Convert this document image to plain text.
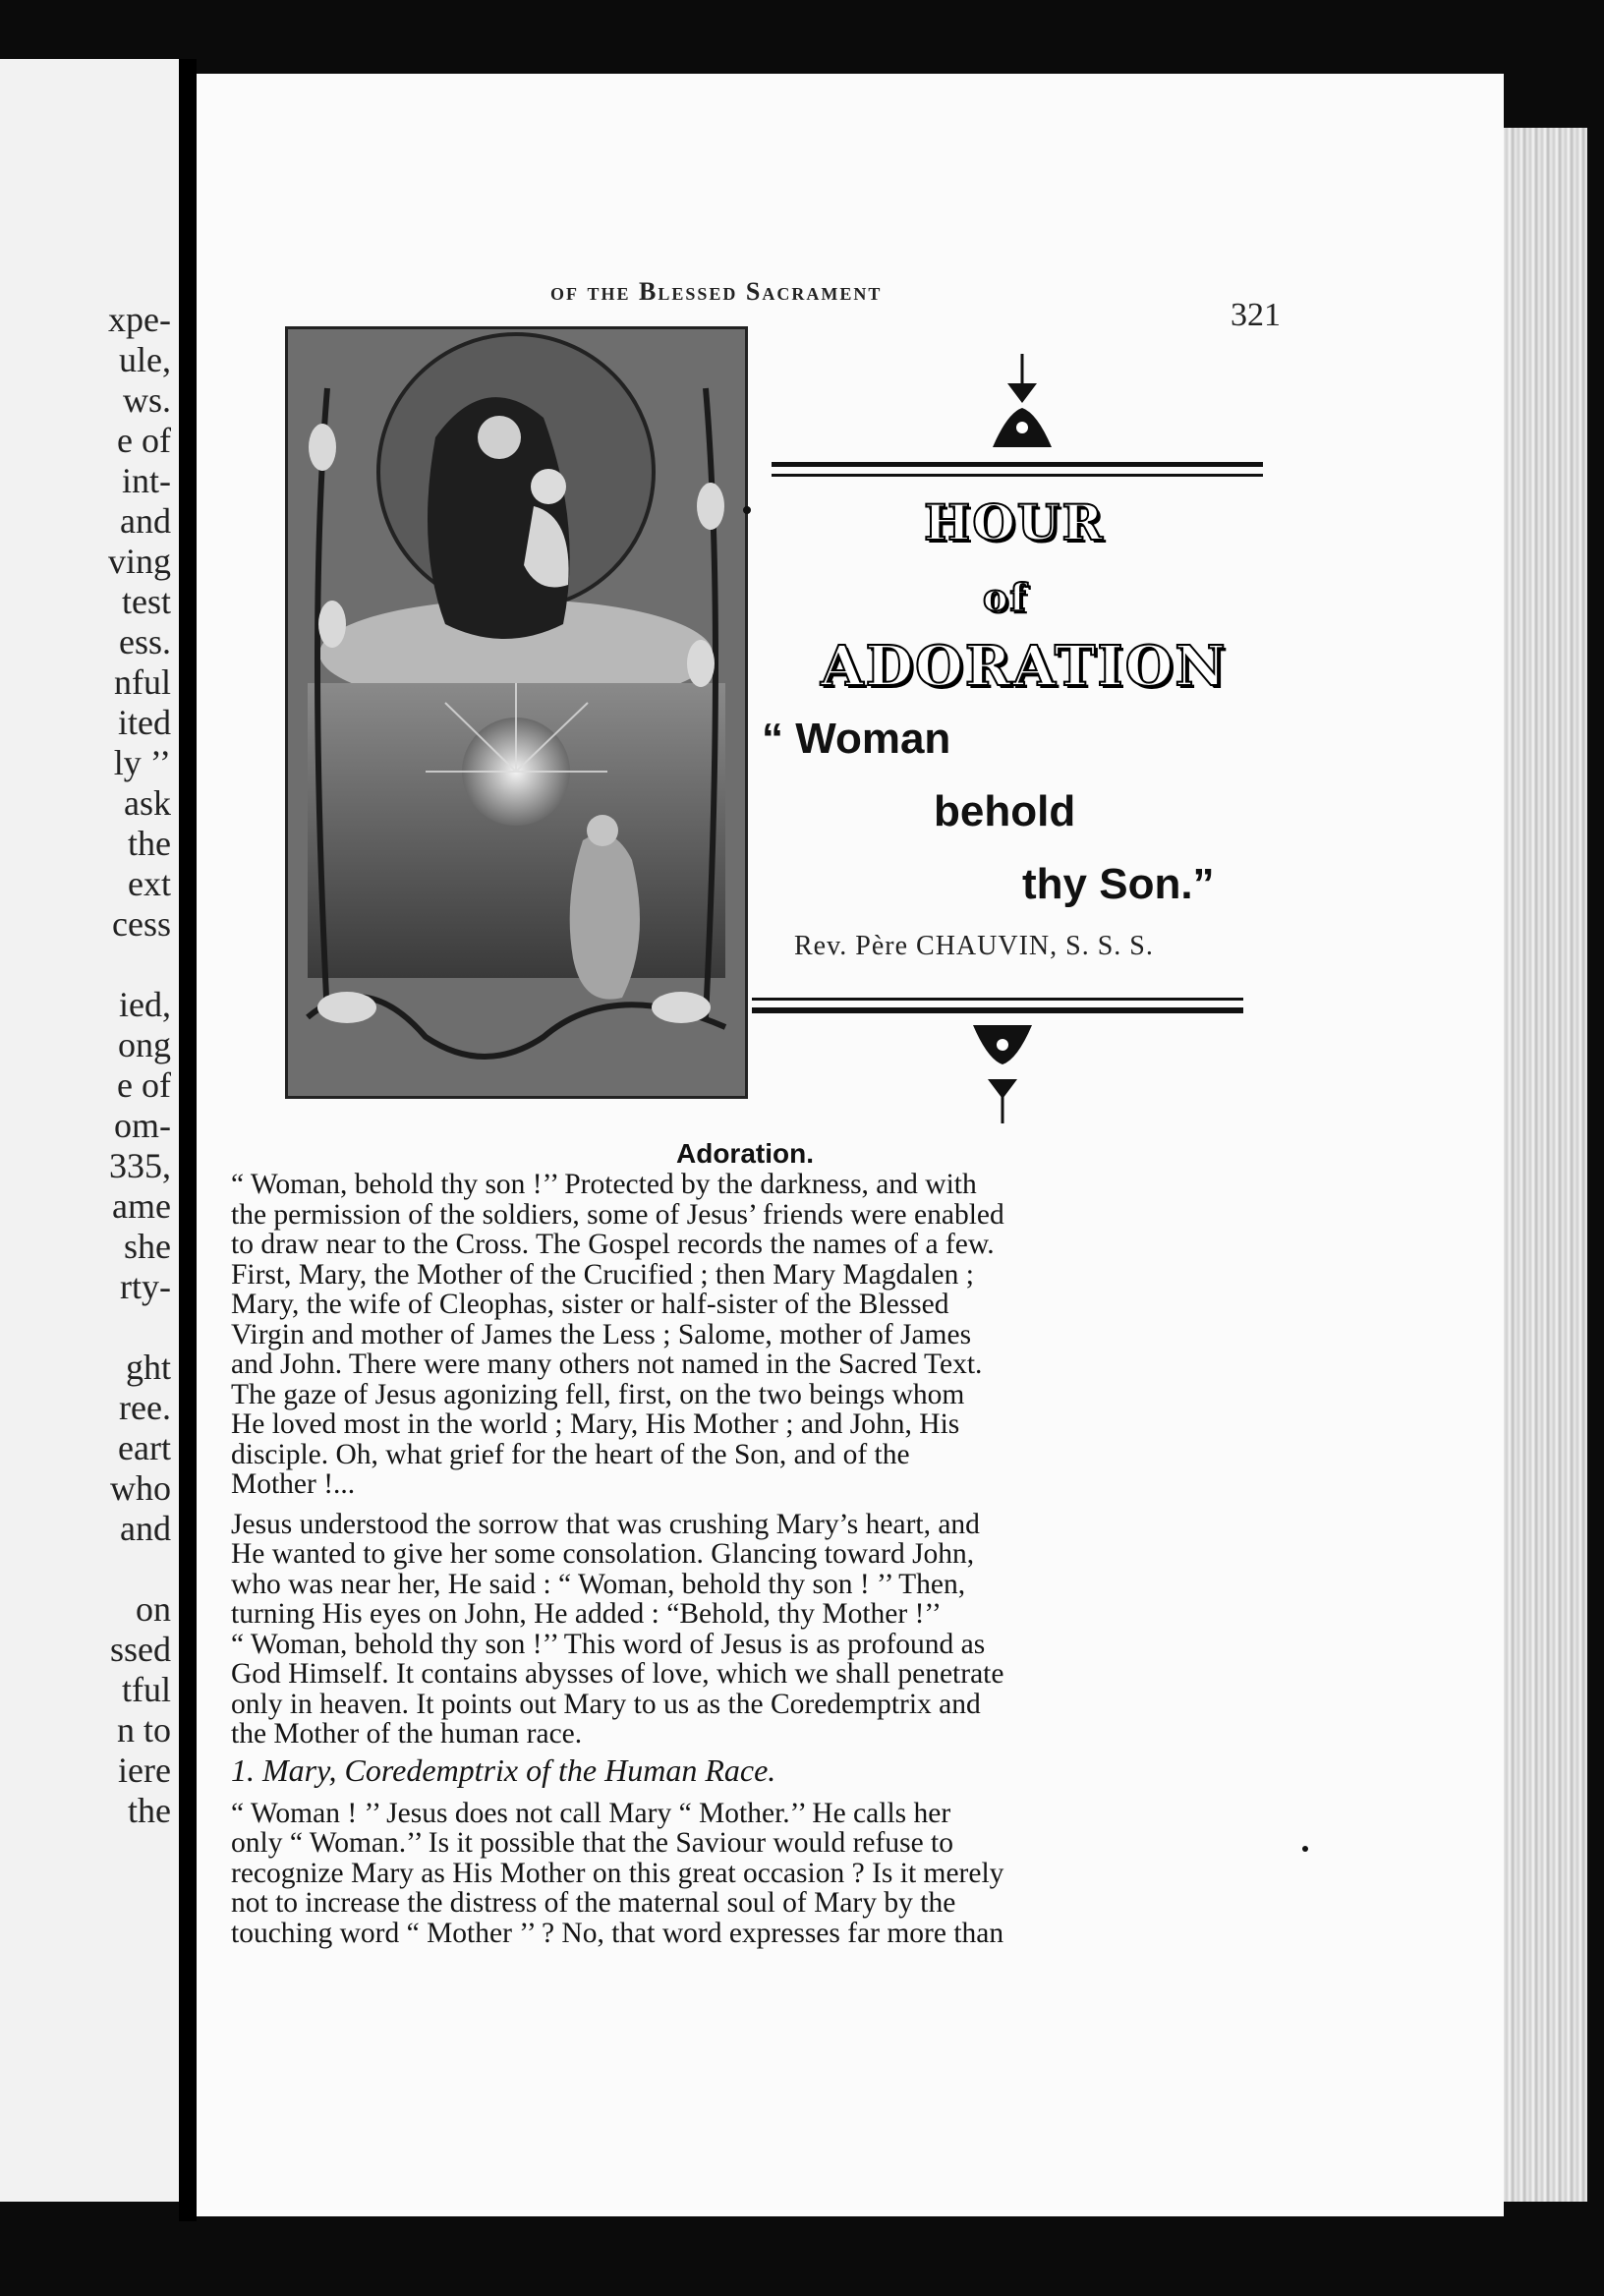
xpe-
ule,
ws.
e of
int-
and
ving
test
ess.
nful
ited
ly ’’
ask
the
ext
cess
ied,
ong
e of
om-
335,
ame
she
rty-
ght
ree.
eart
who
and
on
ssed
tful
n to
iere
the
of the Blessed Sacrament
321
HOUR
of
ADORATION
“ Woman
behold
thy Son.”
Rev. Père CHAUVIN, S. S. S.
Adoration.
“ Woman, behold thy son !’’ Protected by the darkness, and with
the permission of the soldiers, some of Jesus’ friends were enabled
to draw near to the Cross. The Gospel records the names of a few.
First, Mary, the Mother of the Crucified ; then Mary Magdalen ;
Mary, the wife of Cleophas, sister or half-sister of the Blessed
Virgin and mother of James the Less ; Salome, mother of James
and John. There were many others not named in the Sacred Text.
The gaze of Jesus agonizing fell, first, on the two beings whom
He loved most in the world ; Mary, His Mother ; and John, His
disciple. Oh, what grief for the heart of the Son, and of the
Mother !...
Jesus understood the sorrow that was crushing Mary’s heart, and
He wanted to give her some consolation. Glancing toward John,
who was near her, He said : “ Woman, behold thy son ! ’’ Then,
turning His eyes on John, He added : “Behold, thy Mother !’’
“ Woman, behold thy son !’’ This word of Jesus is as profound as
God Himself. It contains abysses of love, which we shall penetrate
only in heaven. It points out Mary to us as the Coredemptrix and
the Mother of the human race.
1. Mary, Coredemptrix of the Human Race.
“ Woman ! ’’ Jesus does not call Mary “ Mother.’’ He calls her
only “ Woman.’’ Is it possible that the Saviour would refuse to
recognize Mary as His Mother on this great occasion ? Is it merely
not to increase the distress of the maternal soul of Mary by the
touching word “ Mother ’’ ? No, that word expresses far more than
